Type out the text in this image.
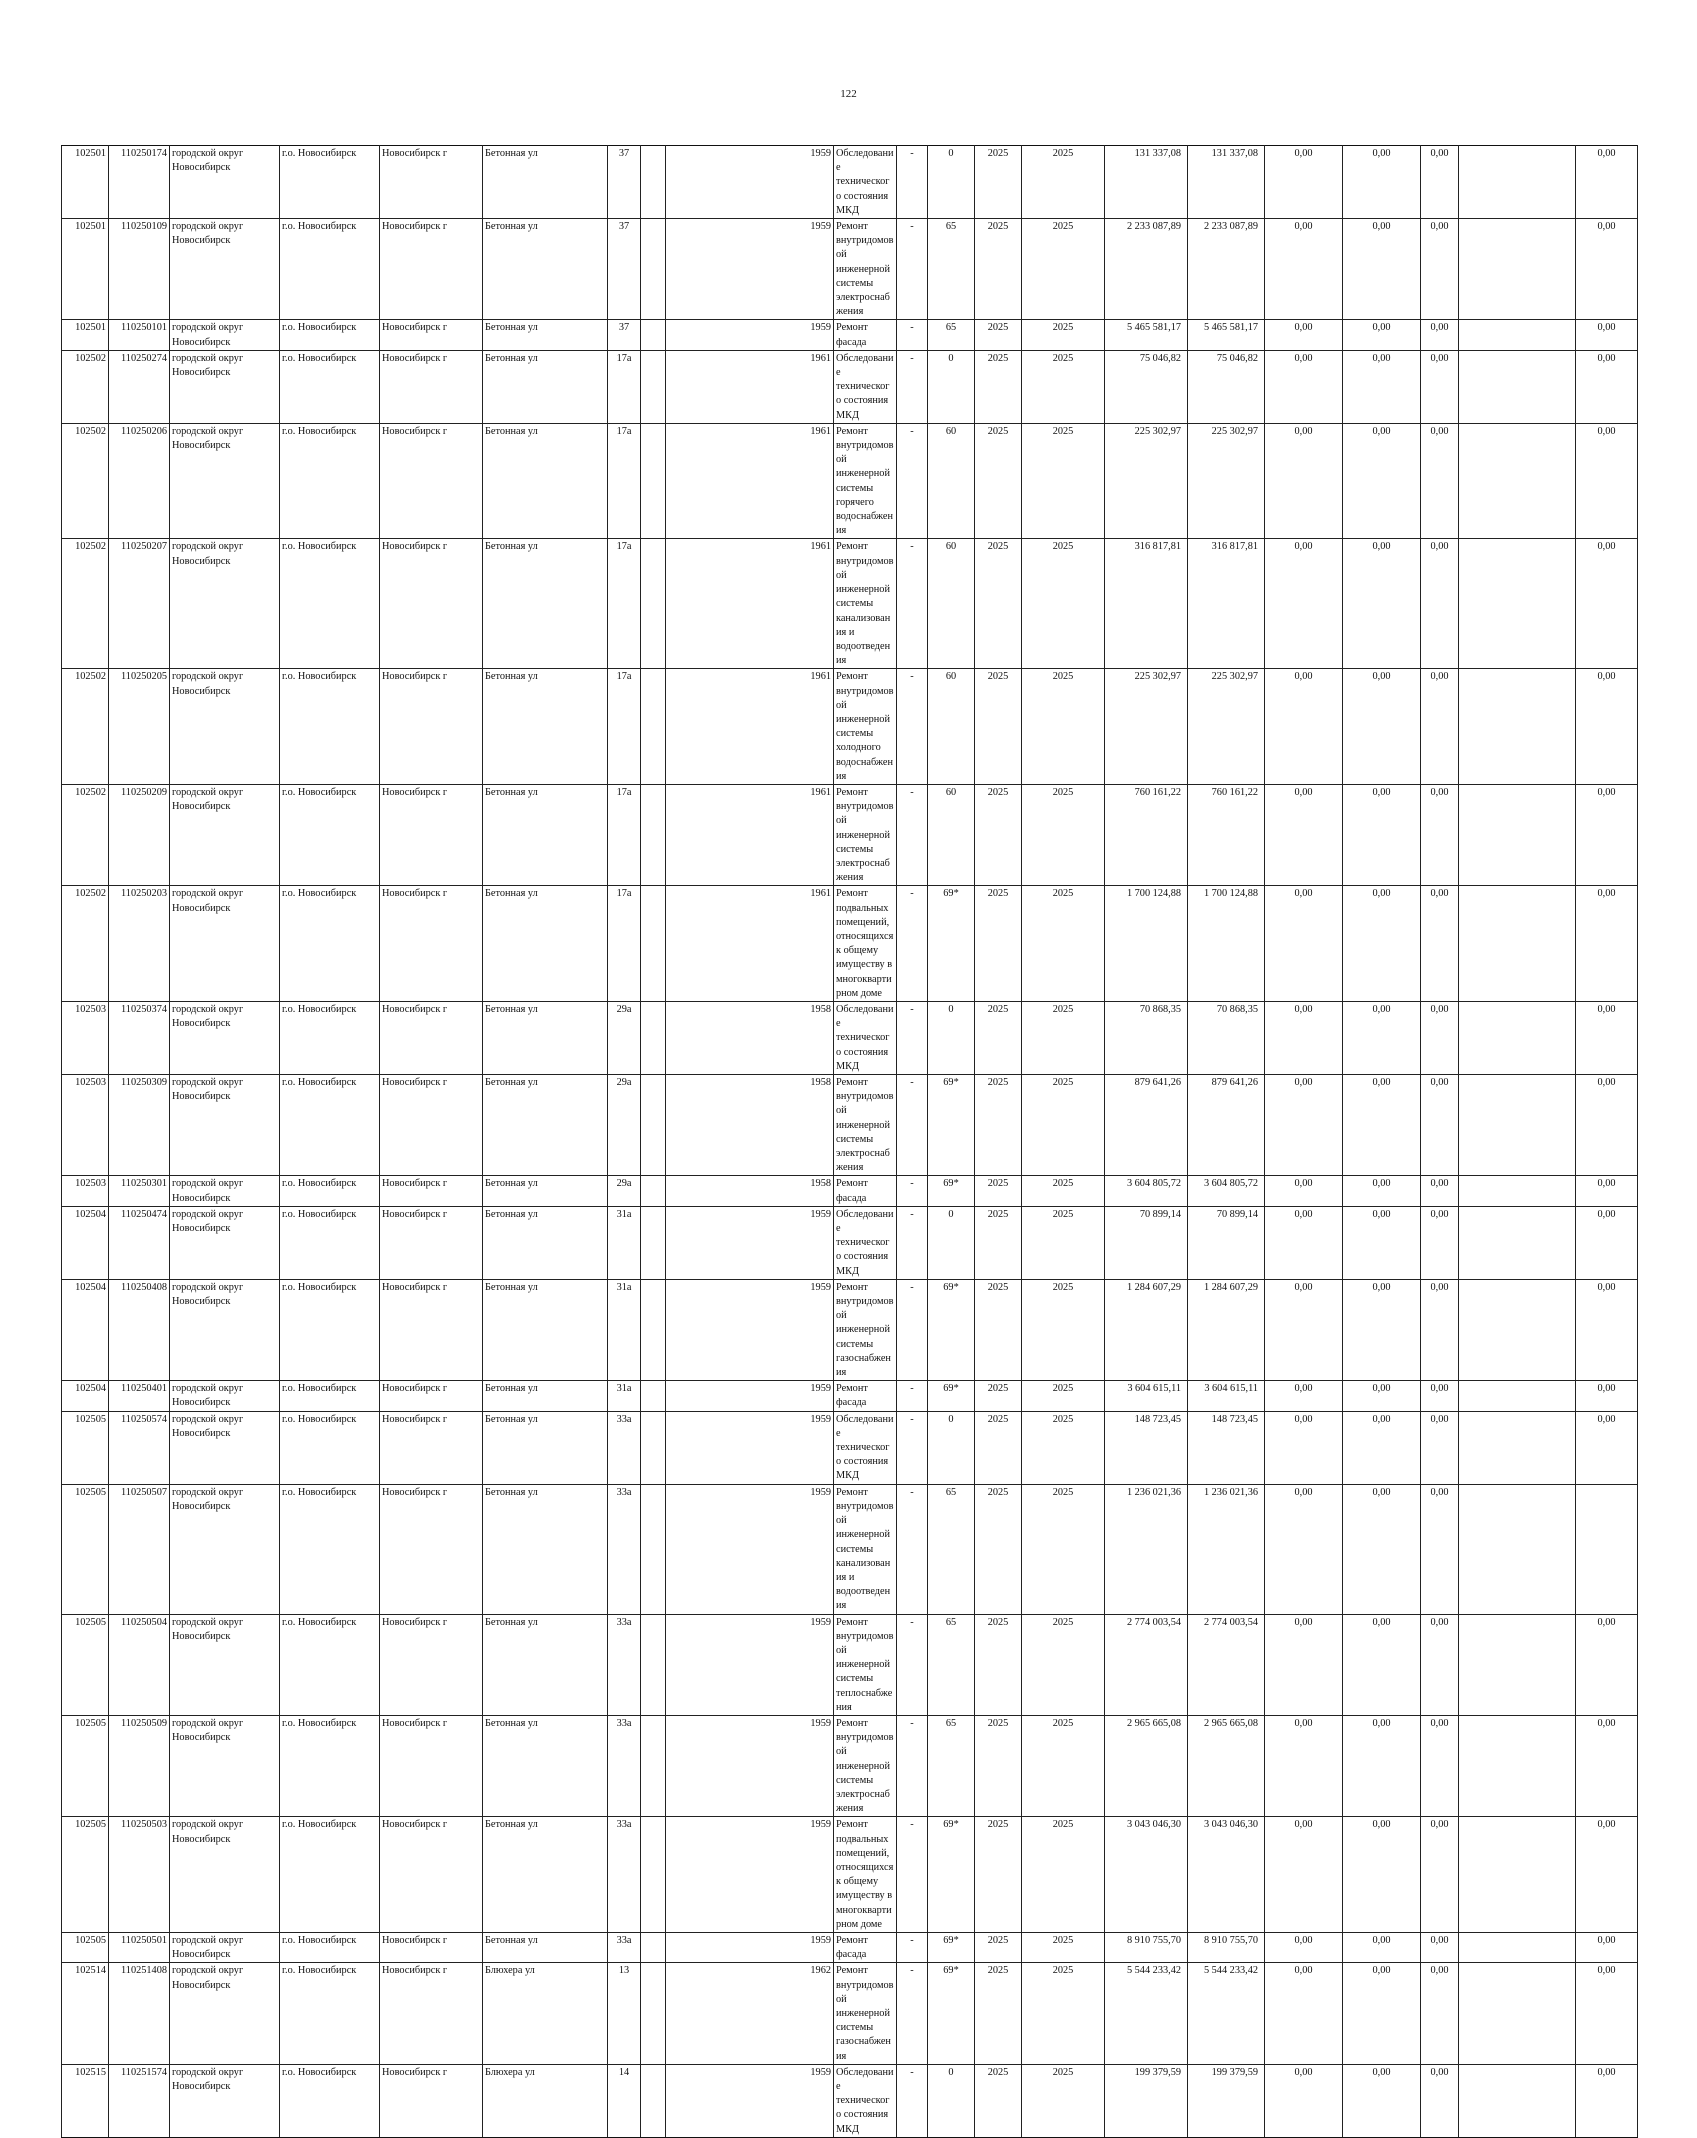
122
102501	110250174	городской округ Новосибирск	г.о. Новосибирск	Новосибирск г	Бетонная ул	37		1959	Обследование технического состояния МКД	-	0	2025	2025	131 337,08	131 337,08	0,00	0,00	0,00		0,00	
102501	110250109	городской округ Новосибирск	г.о. Новосибирск	Новосибирск г	Бетонная ул	37		1959	Ремонт внутридомовой инженерной системы электроснабжения	-	65	2025	2025	2 233 087,89	2 233 087,89	0,00	0,00	0,00		0,00	
102501	110250101	городской округ Новосибирск	г.о. Новосибирск	Новосибирск г	Бетонная ул	37		1959	Ремонт фасада	-	65	2025	2025	5 465 581,17	5 465 581,17	0,00	0,00	0,00		0,00	
102502	110250274	городской округ Новосибирск	г.о. Новосибирск	Новосибирск г	Бетонная ул	17а		1961	Обследование технического состояния МКД	-	0	2025	2025	75 046,82	75 046,82	0,00	0,00	0,00		0,00	
102502	110250206	городской округ Новосибирск	г.о. Новосибирск	Новосибирск г	Бетонная ул	17а		1961	Ремонт внутридомовой инженерной системы горячего водоснабжения	-	60	2025	2025	225 302,97	225 302,97	0,00	0,00	0,00		0,00	
102502	110250207	городской округ Новосибирск	г.о. Новосибирск	Новосибирск г	Бетонная ул	17а		1961	Ремонт внутридомовой инженерной системы канализования и водоотведения	-	60	2025	2025	316 817,81	316 817,81	0,00	0,00	0,00		0,00	
102502	110250205	городской округ Новосибирск	г.о. Новосибирск	Новосибирск г	Бетонная ул	17а		1961	Ремонт внутридомовой инженерной системы холодного водоснабжения	-	60	2025	2025	225 302,97	225 302,97	0,00	0,00	0,00		0,00	
102502	110250209	городской округ Новосибирск	г.о. Новосибирск	Новосибирск г	Бетонная ул	17а		1961	Ремонт внутридомовой инженерной системы электроснабжения	-	60	2025	2025	760 161,22	760 161,22	0,00	0,00	0,00		0,00	
102502	110250203	городской округ Новосибирск	г.о. Новосибирск	Новосибирск г	Бетонная ул	17а		1961	Ремонт подвальных помещений, относящихся к общему имуществу в многоквартирном доме	-	69*	2025	2025	1 700 124,88	1 700 124,88	0,00	0,00	0,00		0,00	
102503	110250374	городской округ Новосибирск	г.о. Новосибирск	Новосибирск г	Бетонная ул	29а		1958	Обследование технического состояния МКД	-	0	2025	2025	70 868,35	70 868,35	0,00	0,00	0,00		0,00	
102503	110250309	городской округ Новосибирск	г.о. Новосибирск	Новосибирск г	Бетонная ул	29а		1958	Ремонт внутридомовой инженерной системы электроснабжения	-	69*	2025	2025	879 641,26	879 641,26	0,00	0,00	0,00		0,00	
102503	110250301	городской округ Новосибирск	г.о. Новосибирск	Новосибирск г	Бетонная ул	29а		1958	Ремонт фасада	-	69*	2025	2025	3 604 805,72	3 604 805,72	0,00	0,00	0,00		0,00	
102504	110250474	городской округ Новосибирск	г.о. Новосибирск	Новосибирск г	Бетонная ул	31а		1959	Обследование технического состояния МКД	-	0	2025	2025	70 899,14	70 899,14	0,00	0,00	0,00		0,00	
102504	110250408	городской округ Новосибирск	г.о. Новосибирск	Новосибирск г	Бетонная ул	31а		1959	Ремонт внутридомовой инженерной системы газоснабжения	-	69*	2025	2025	1 284 607,29	1 284 607,29	0,00	0,00	0,00		0,00	
102504	110250401	городской округ Новосибирск	г.о. Новосибирск	Новосибирск г	Бетонная ул	31а		1959	Ремонт фасада	-	69*	2025	2025	3 604 615,11	3 604 615,11	0,00	0,00	0,00		0,00	
102505	110250574	городской округ Новосибирск	г.о. Новосибирск	Новосибирск г	Бетонная ул	33а		1959	Обследование технического состояния МКД	-	0	2025	2025	148 723,45	148 723,45	0,00	0,00	0,00		0,00	
102505	110250507	городской округ Новосибирск	г.о. Новосибирск	Новосибирск г	Бетонная ул	33а		1959	Ремонт внутридомовой инженерной системы канализования и водоотведения	-	65	2025	2025	1 236 021,36	1 236 021,36	0,00	0,00	0,00			
102505	110250504	городской округ Новосибирск	г.о. Новосибирск	Новосибирск г	Бетонная ул	33а		1959	Ремонт внутридомовой инженерной системы теплоснабжения	-	65	2025	2025	2 774 003,54	2 774 003,54	0,00	0,00	0,00		0,00	
102505	110250509	городской округ Новосибирск	г.о. Новосибирск	Новосибирск г	Бетонная ул	33а		1959	Ремонт внутридомовой инженерной системы электроснабжения	-	65	2025	2025	2 965 665,08	2 965 665,08	0,00	0,00	0,00		0,00	
102505	110250503	городской округ Новосибирск	г.о. Новосибирск	Новосибирск г	Бетонная ул	33а		1959	Ремонт подвальных помещений, относящихся к общему имуществу в многоквартирном доме	-	69*	2025	2025	3 043 046,30	3 043 046,30	0,00	0,00	0,00		0,00	
102505	110250501	городской округ Новосибирск	г.о. Новосибирск	Новосибирск г	Бетонная ул	33а		1959	Ремонт фасада	-	69*	2025	2025	8 910 755,70	8 910 755,70	0,00	0,00	0,00		0,00	
102514	110251408	городской округ Новосибирск	г.о. Новосибирск	Новосибирск г	Блюхера ул	13		1962	Ремонт внутридомовой инженерной системы газоснабжения	-	69*	2025	2025	5 544 233,42	5 544 233,42	0,00	0,00	0,00		0,00	
102515	110251574	городской округ Новосибирск	г.о. Новосибирск	Новосибирск г	Блюхера ул	14		1959	Обследование технического состояния МКД	-	0	2025	2025	199 379,59	199 379,59	0,00	0,00	0,00		0,00	
